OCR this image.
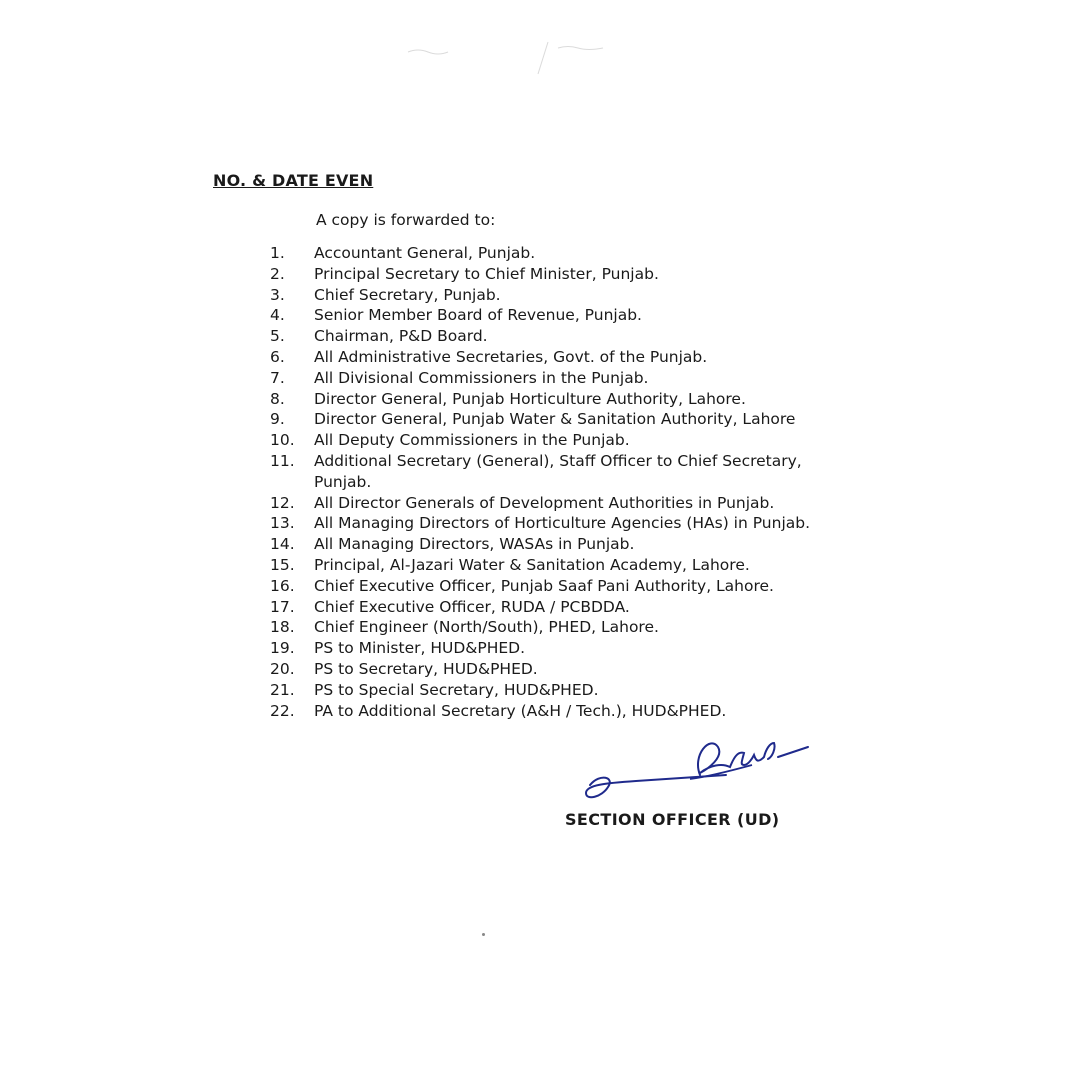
NO. & DATE EVEN
A copy is forwarded to:
1.	Accountant General, Punjab.
2.	Principal Secretary to Chief Minister, Punjab.
3.	Chief Secretary, Punjab.
4.	Senior Member Board of Revenue, Punjab.
5.	Chairman, P&D Board.
6.	All Administrative Secretaries, Govt. of the Punjab.
7.	All Divisional Commissioners in the Punjab.
8.	Director General, Punjab Horticulture Authority, Lahore.
9.	Director General, Punjab Water & Sanitation Authority, Lahore
10.	All Deputy Commissioners in the Punjab.
11.	Additional Secretary (General), Staff Officer to Chief Secretary, Punjab.
12.	All Director Generals of Development Authorities in Punjab.
13.	All Managing Directors of Horticulture Agencies (HAs) in Punjab.
14.	All Managing Directors, WASAs in Punjab.
15.	Principal, Al-Jazari Water & Sanitation Academy, Lahore.
16.	Chief Executive Officer, Punjab Saaf Pani Authority, Lahore.
17.	Chief Executive Officer, RUDA / PCBDDA.
18.	Chief Engineer (North/South), PHED, Lahore.
19.	PS to Minister, HUD&PHED.
20.	PS to Secretary, HUD&PHED.
21.	PS to Special Secretary, HUD&PHED.
22.	PA to Additional Secretary (A&H / Tech.), HUD&PHED.
SECTION OFFICER (UD)
